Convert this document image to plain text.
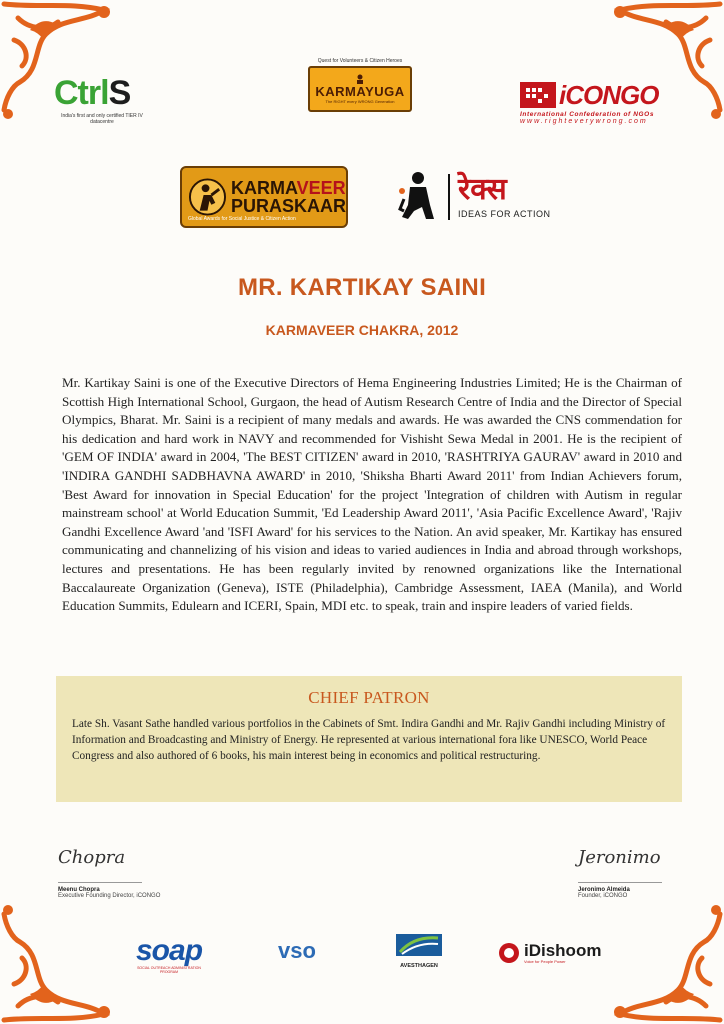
CtrlS
India's first and only certified TIER IV datacentre
Quest for Volunteers & Citizen Heroes
KARMAYUGA
The RIGHT every WRONG Generation	iCONGO
International Confederation of NGOs
www.righteverywrong.com
KARMAVEER
PURASKAAR
Global Awards for Social Justice & Citizen Action
रेक्स
IDEAS FOR ACTION
MR. KARTIKAY SAINI
KARMAVEER CHAKRA, 2012
Mr. Kartikay Saini is one of the Executive Directors of Hema Engineering Industries Limited; He is the Chairman of Scottish High International School, Gurgaon, the head of Autism Research Centre of India and the Director of Special Olympics, Bharat. Mr. Saini is a recipient of many medals and awards. He was awarded the CNS commendation for his dedication and hard work in NAVY and recommended for Vishisht Sewa Medal in 2001. He is the recipient of 'GEM OF INDIA' award in 2004, 'The BEST CITIZEN' award in 2010, 'RASHTRIYA GAURAV' award in 2010 and 'INDIRA GANDHI SADBHAVNA AWARD' in 2010, 'Shiksha Bharti Award 2011' from Indian Achievers forum, 'Best Award for innovation in Special Education' for the project 'Integration of children with Autism in regular mainstream school' at World Education Summit, 'Ed Leadership Award 2011', 'Asia Pacific Excellence Award', 'Rajiv Gandhi Excellence Award 'and 'ISFI Award' for his services to the Nation. An avid speaker, Mr. Kartikay has ensured communicating and channelizing of his vision and ideas to varied audiences in India and abroad through workshops, lectures and presentations. He has been regularly invited by renowned organizations like the International Baccalaureate Organization (Geneva), ISTE (Philadelphia), Cambridge Assessment, IAEA (Manila), and World Education Summits, Edulearn and ICERI, Spain, MDI etc. to speak, train and inspire leaders of varied fields.
CHIEF PATRON
Late Sh. Vasant Sathe handled various portfolios in the Cabinets of Smt. Indira Gandhi and Mr. Rajiv Gandhi including Ministry of Information and Broadcasting and Ministry of Energy. He represented at various international fora like UNESCO, World Peace Congress and also authored of 6 books, his main interest being in economics and political restructuring.
Chopra
Meenu Chopra
Executive Founding Director, iCONGO
Jeronimo
Jeronimo Almeida
Founder, iCONGO
soap
SOCIAL OUTREACH ADMINISTRATION PROGRAM
vso
AVESTHAGEN
iDishoom
Voice for People Power
